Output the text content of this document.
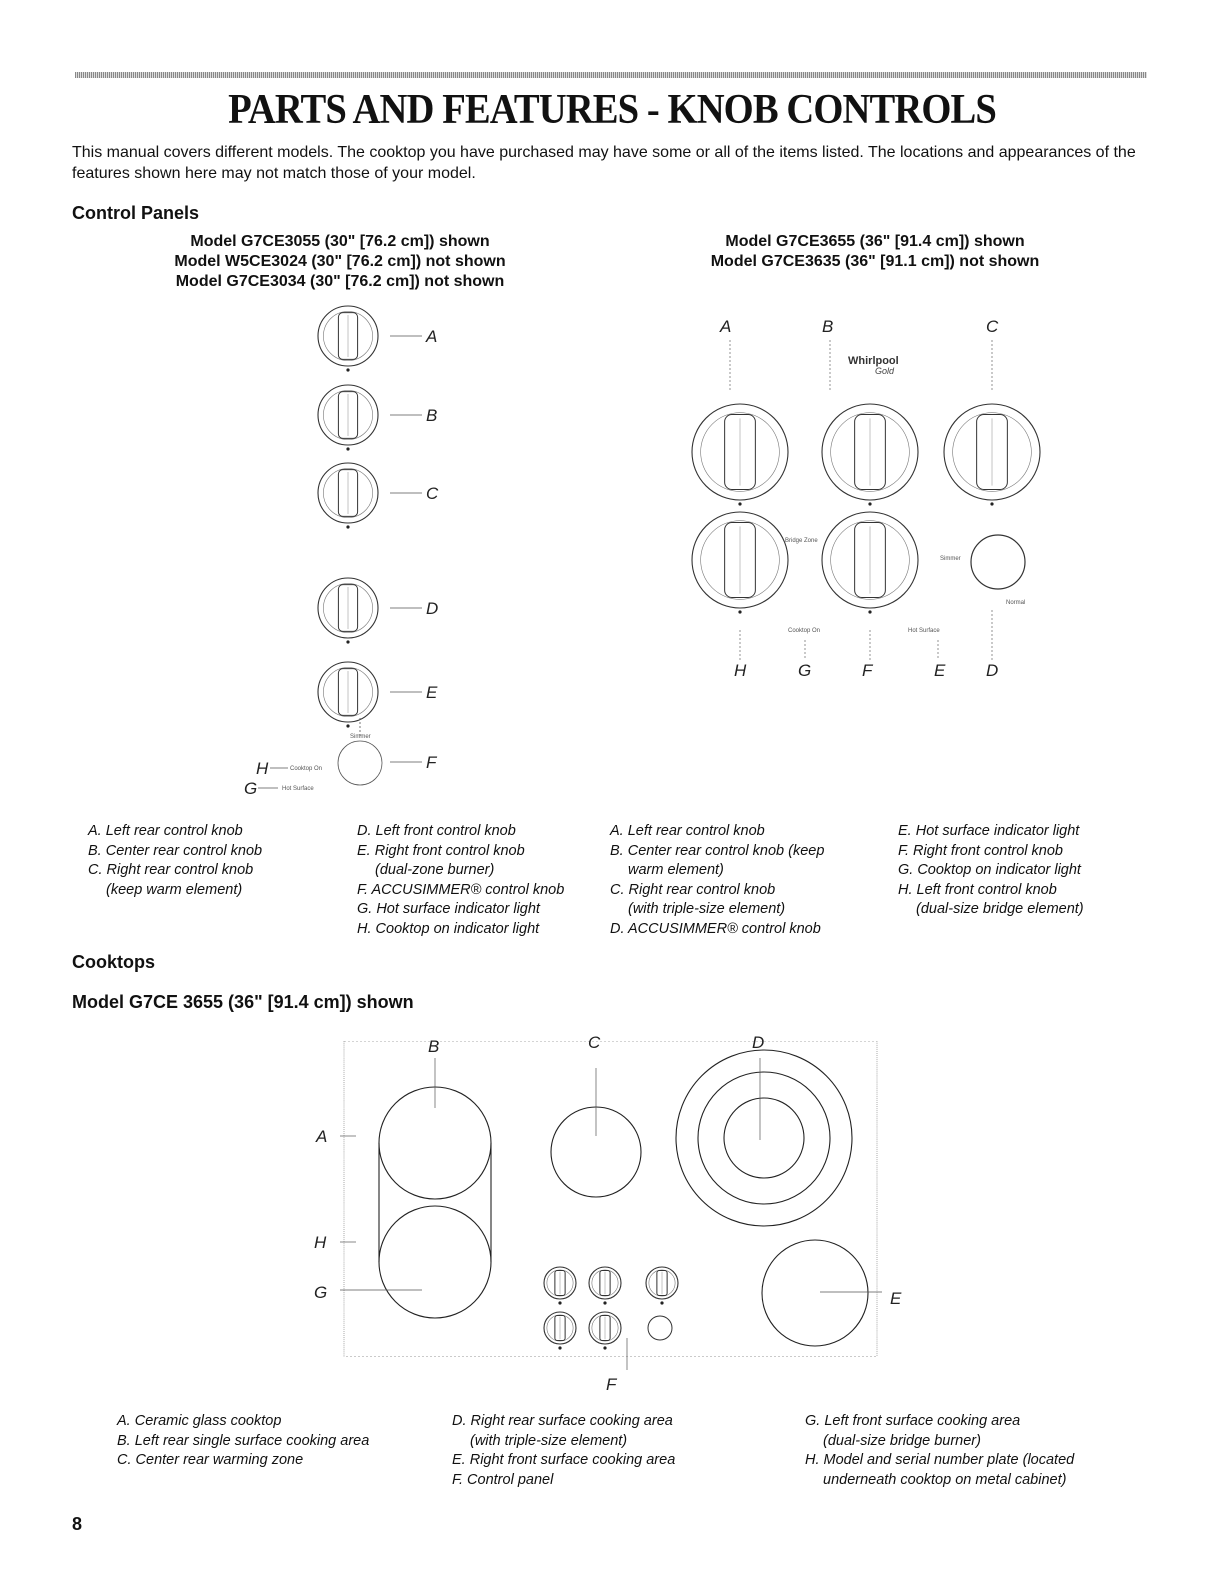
PARTS AND FEATURES - KNOB CONTROLS
This manual covers different models. The cooktop you have purchased may have some or all of the items listed. The locations and appearances of the features shown here may not match those of your model.
Control Panels
Model G7CE3055 (30" [76.2 cm]) shown
Model W5CE3024 (30" [76.2 cm]) not shown
Model G7CE3034 (30" [76.2 cm]) not shown
Model G7CE3655 (36" [91.4 cm]) shown
Model G7CE3635 (36" [91.1 cm]) not shown
A
B
C
D
E
F
G
H	Cooktop On
Hot Surface
Simmer
A	B	C
H	G	F	E D
Whirlpool
Gold
Bridge Zone
Cooktop On	Hot Surface
Simmer
Normal
A. Left rear control knob
B. Center rear control knob
C. Right rear control knob
(keep warm element)
D. Left front control knob
E. Right front control knob
(dual-zone burner)
F. ACCUSIMMER® control knob
G. Hot surface indicator light
H. Cooktop on indicator light
A. Left rear control knob
B. Center rear control knob (keep
warm element)
C. Right rear control knob
(with triple-size element)
D. ACCUSIMMER® control knob
E. Hot surface indicator light
F. Right front control knob
G. Cooktop on indicator light
H. Left front control knob
(dual-size bridge element)
Cooktops
Model G7CE 3655 (36" [91.4 cm]) shown
B	C	D
A
H
G	E
F
A. Ceramic glass cooktop
B. Left rear single surface cooking area
C. Center rear warming zone
D. Right rear surface cooking area
(with triple-size element)
E. Right front surface cooking area
F. Control panel
G. Left front surface cooking area
(dual-size bridge burner)
H. Model and serial number plate (located
underneath cooktop on metal cabinet)
8
